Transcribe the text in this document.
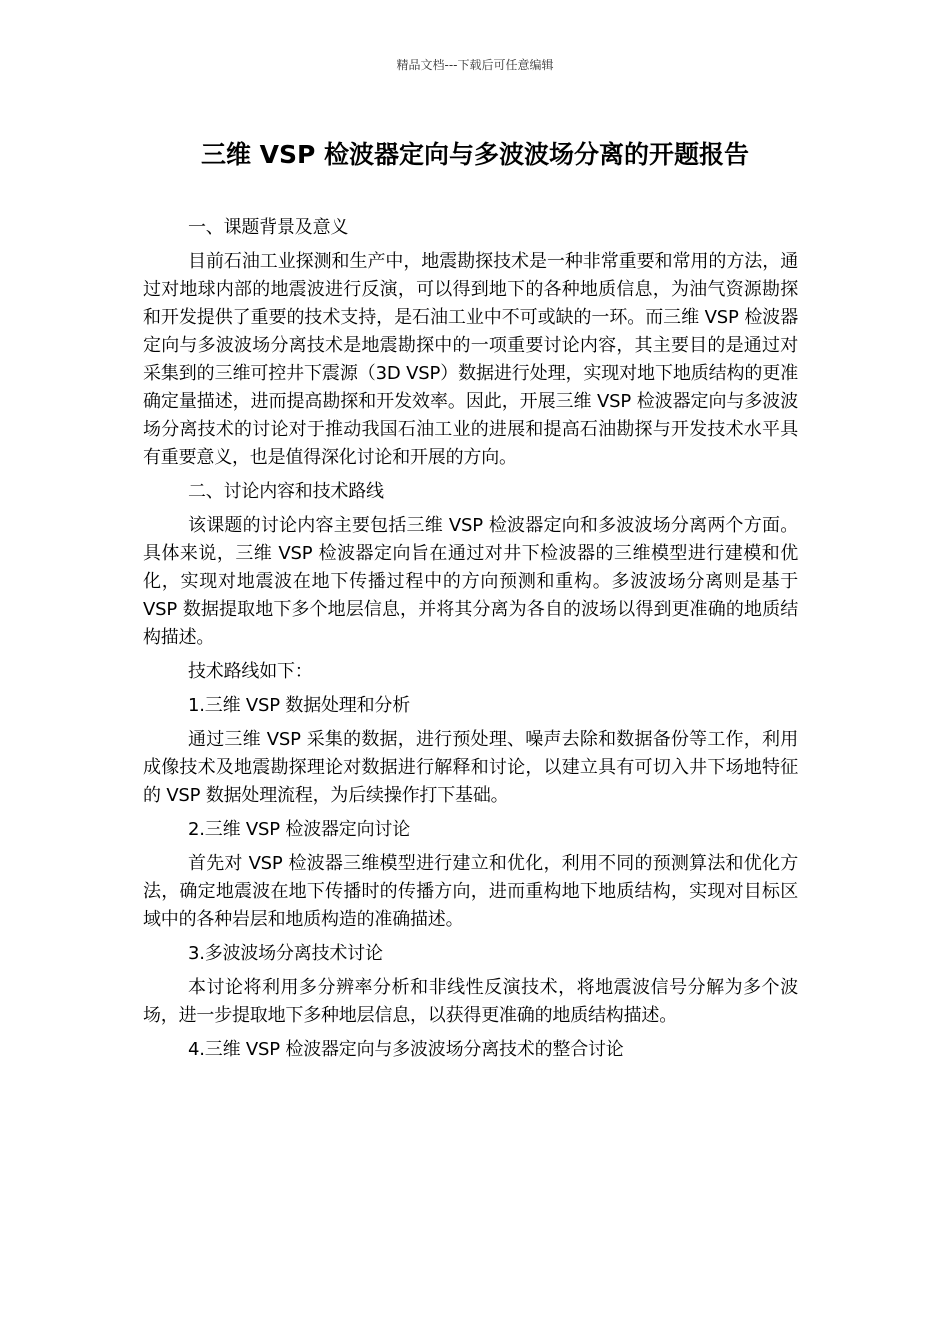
精品文档---下载后可任意编辑
三维 VSP 检波器定向与多波波场分离的开题报告

一、课题背景及意义

目前石油工业探测和生产中，地震勘探技术是一种非常重要和常用的方法，通过对地球内部的地震波进行反演，可以得到地下的各种地质信息，为油气资源勘探和开发提供了重要的技术支持，是石油工业中不可或缺的一环。而三维 VSP 检波器定向与多波波场分离技术是地震勘探中的一项重要讨论内容，其主要目的是通过对采集到的三维可控井下震源（3D VSP）数据进行处理，实现对地下地质结构的更准确定量描述，进而提高勘探和开发效率。因此，开展三维 VSP 检波器定向与多波波场分离技术的讨论对于推动我国石油工业的进展和提高石油勘探与开发技术水平具有重要意义，也是值得深化讨论和开展的方向。

二、讨论内容和技术路线

该课题的讨论内容主要包括三维 VSP 检波器定向和多波波场分离两个方面。具体来说，三维 VSP 检波器定向旨在通过对井下检波器的三维模型进行建模和优化，实现对地震波在地下传播过程中的方向预测和重构。多波波场分离则是基于 VSP 数据提取地下多个地层信息，并将其分离为各自的波场以得到更准确的地质结构描述。

技术路线如下：

1.三维 VSP 数据处理和分析

通过三维 VSP 采集的数据，进行预处理、噪声去除和数据备份等工作，利用成像技术及地震勘探理论对数据进行解释和讨论，以建立具有可切入井下场地特征的 VSP 数据处理流程，为后续操作打下基础。

2.三维 VSP 检波器定向讨论

首先对 VSP 检波器三维模型进行建立和优化，利用不同的预测算法和优化方法，确定地震波在地下传播时的传播方向，进而重构地下地质结构，实现对目标区域中的各种岩层和地质构造的准确描述。

3.多波波场分离技术讨论

本讨论将利用多分辨率分析和非线性反演技术，将地震波信号分解为多个波场，进一步提取地下多种地层信息，以获得更准确的地质结构描述。

4.三维 VSP 检波器定向与多波波场分离技术的整合讨论
